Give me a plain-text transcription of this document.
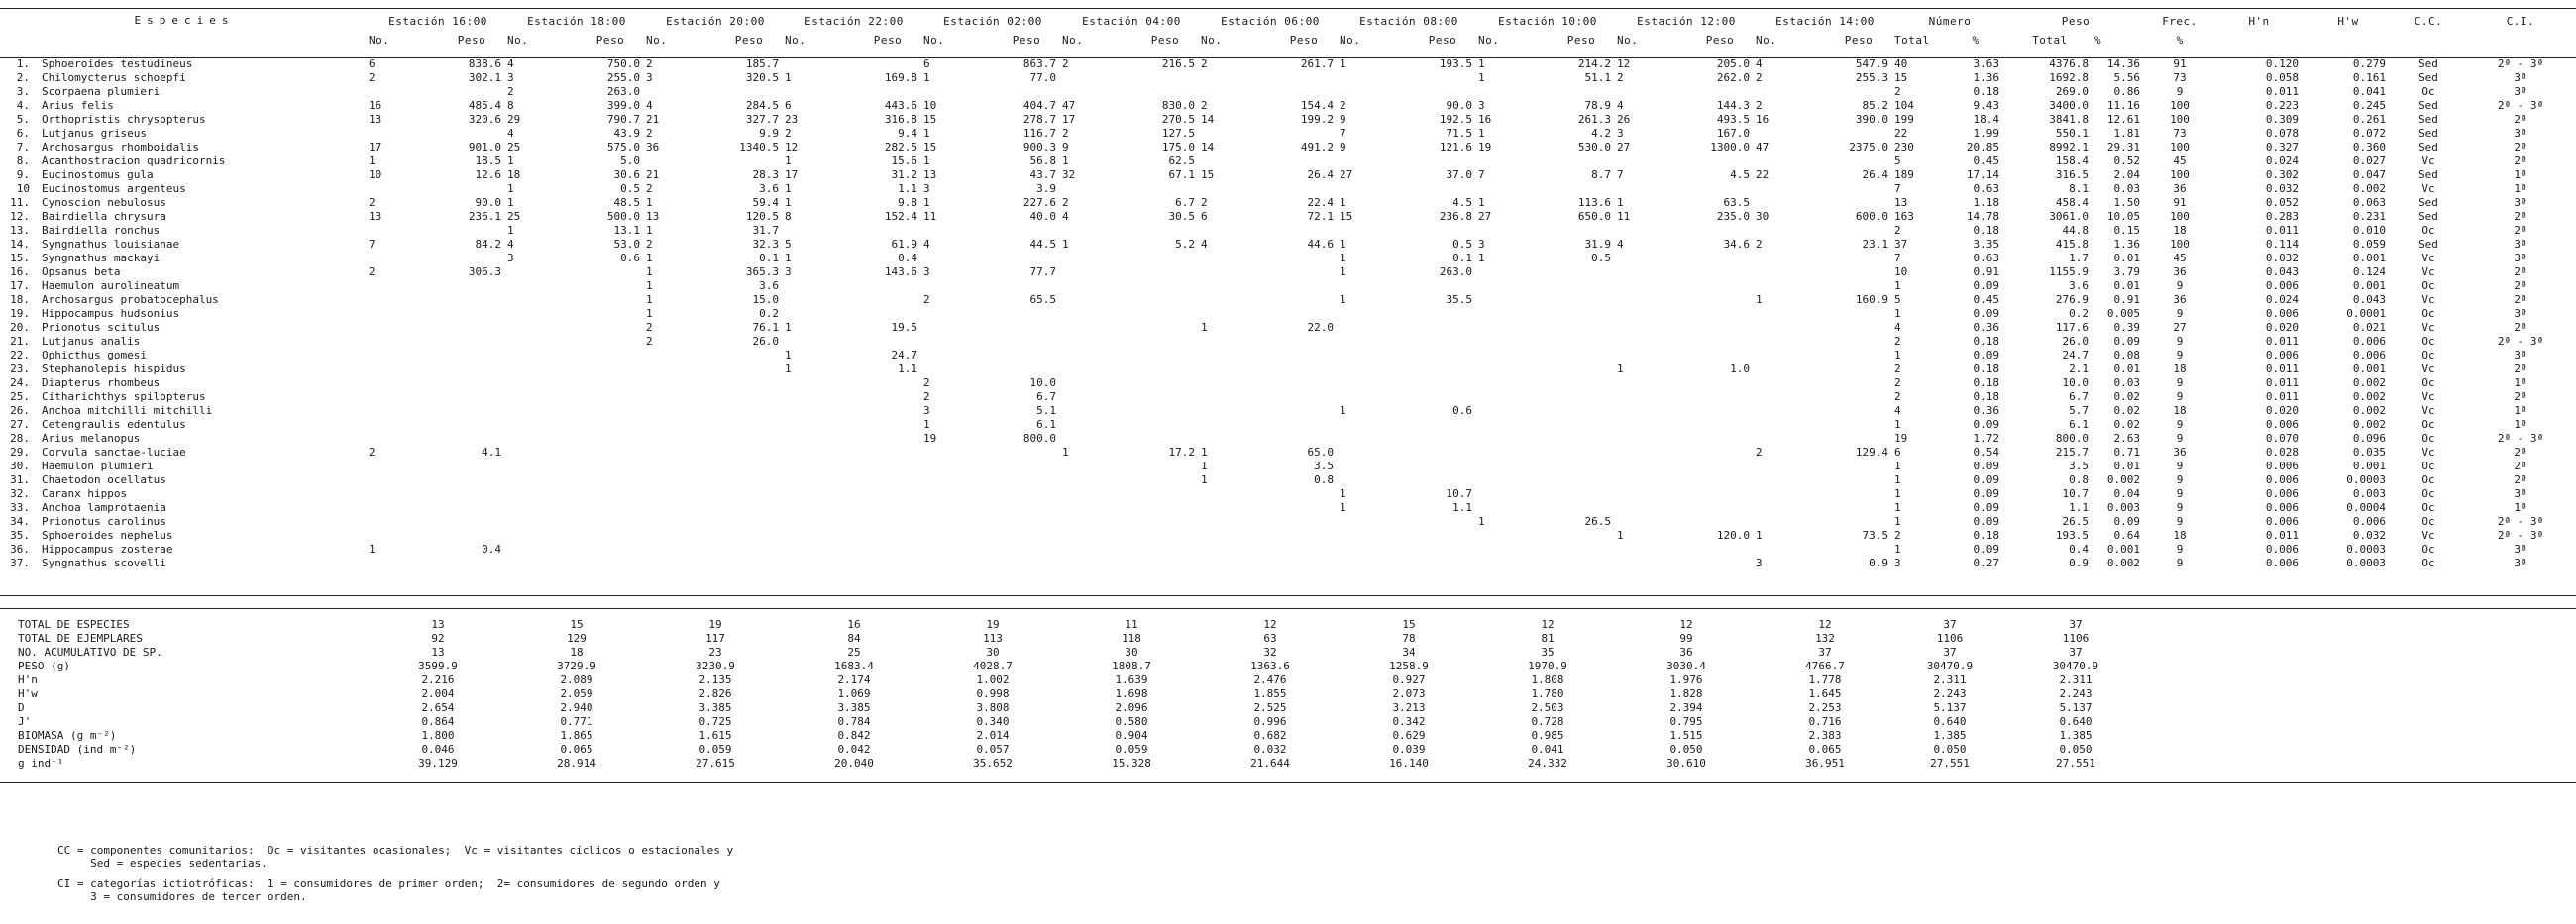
Especies	Estación 16:00		Estación 18:00		Estación 20:00		Estación 22:00		Estación 02:00		Estación 04:00		Estación 06:00		Estación 08:00		Estación 10:00		Estación 12:00		Estación 14:00		Número		Peso		Frec.	H'n	H'w	C.C.	C.I.
	No.	Peso	No.	Peso	No.	Peso	No.	Peso	No.	Peso	No.	Peso	No.	Peso	No.	Peso	No.	Peso	No.	Peso	No.	Peso	Total	%	Total	%	%				

1. Sphoeroides testudineus	6	838.6	4	750.0	2	185.7			6	863.7	2	216.5	2	261.7	1	193.5	1	214.2	12	205.0	4	547.9	40	3.63	4376.8	14.36	91	0.120	0.279	Sed	2ª - 3ª
2. Chilomycterus schoepfi	2	302.1	3	255.0	3	320.5	1	169.8	1	77.0							1	51.1	2	262.0	2	255.3	15	1.36	1692.8	5.56	73	0.058	0.161	Sed	3ª
3. Scorpaena plumieri			2	263.0																			2	0.18	269.0	0.86	9	0.011	0.041	Oc	3ª
4. Arius felis	16	485.4	8	399.0	4	284.5	6	443.6	10	404.7	47	830.0	2	154.4	2	90.0	3	78.9	4	144.3	2	85.2	104	9.43	3400.0	11.16	100	0.223	0.245	Sed	2ª - 3ª
5. Orthopristis chrysopterus	13	320.6	29	790.7	21	327.7	23	316.8	15	278.7	17	270.5	14	199.2	9	192.5	16	261.3	26	493.5	16	390.0	199	18.4	3841.8	12.61	100	0.309	0.261	Sed	2ª
6. Lutjanus griseus			4	43.9	2	9.9	2	9.4	1	116.7	2	127.5			7	71.5	1	4.2	3	167.0			22	1.99	550.1	1.81	73	0.078	0.072	Sed	3ª
7. Archosargus rhomboidalis	17	901.0	25	575.0	36	1340.5	12	282.5	15	900.3	9	175.0	14	491.2	9	121.6	19	530.0	27	1300.0	47	2375.0	230	20.85	8992.1	29.31	100	0.327	0.360	Sed	2ª
8. Acanthostracion quadricornis	1	18.5	1	5.0			1	15.6	1	56.8	1	62.5											5	0.45	158.4	0.52	45	0.024	0.027	Vc	2ª
9. Eucinostomus gula	10	12.6	18	30.6	21	28.3	17	31.2	13	43.7	32	67.1	15	26.4	27	37.0	7	8.7	7	4.5	22	26.4	189	17.14	316.5	2.04	100	0.302	0.047	Sed	1ª
10 Eucinostomus argenteus			1	0.5	2	3.6	1	1.1	3	3.9													7	0.63	8.1	0.03	36	0.032	0.002	Vc	1ª
11. Cynoscion nebulosus	2	90.0	1	48.5	1	59.4	1	9.8	1	227.6	2	6.7	2	22.4	1	4.5	1	113.6	1	63.5			13	1.18	458.4	1.50	91	0.052	0.063	Sed	3ª
12. Bairdiella chrysura	13	236.1	25	500.0	13	120.5	8	152.4	11	40.0	4	30.5	6	72.1	15	236.8	27	650.0	11	235.0	30	600.0	163	14.78	3061.0	10.05	100	0.283	0.231	Sed	2ª
13. Bairdiella ronchus			1	13.1	1	31.7																	2	0.18	44.8	0.15	18	0.011	0.010	Oc	2ª
14. Syngnathus louisianae	7	84.2	4	53.0	2	32.3	5	61.9	4	44.5	1	5.2	4	44.6	1	0.5	3	31.9	4	34.6	2	23.1	37	3.35	415.8	1.36	100	0.114	0.059	Sed	3ª
15. Syngnathus mackayi			3	0.6	1	0.1	1	0.4							1	0.1	1	0.5					7	0.63	1.7	0.01	45	0.032	0.001	Vc	3ª
16. Opsanus beta	2	306.3			1	365.3	3	143.6	3	77.7					1	263.0							10	0.91	1155.9	3.79	36	0.043	0.124	Vc	2ª
17. Haemulon aurolineatum					1	3.6																	1	0.09	3.6	0.01	9	0.006	0.001	Oc	2ª
18. Archosargus probatocephalus					1	15.0			2	65.5					1	35.5					1	160.9	5	0.45	276.9	0.91	36	0.024	0.043	Vc	2ª
19. Hippocampus hudsonius					1	0.2																	1	0.09	0.2	0.005	9	0.006	0.0001	Oc	3ª
20. Prionotus scitulus					2	76.1	1	19.5					1	22.0									4	0.36	117.6	0.39	27	0.020	0.021	Vc	2ª
21. Lutjanus analis					2	26.0																	2	0.18	26.0	0.09	9	0.011	0.006	Oc	2ª - 3ª
22. Ophicthus gomesi							1	24.7															1	0.09	24.7	0.08	9	0.006	0.006	Oc	3ª
23. Stephanolepis hispidus							1	1.1											1	1.0			2	0.18	2.1	0.01	18	0.011	0.001	Vc	2ª
24. Diapterus rhombeus									2	10.0													2	0.18	10.0	0.03	9	0.011	0.002	Oc	1ª
25. Citharichthys spilopterus									2	6.7													2	0.18	6.7	0.02	9	0.011	0.002	Vc	2ª
26. Anchoa mitchilli mitchilli									3	5.1					1	0.6							4	0.36	5.7	0.02	18	0.020	0.002	Vc	1ª
27. Cetengraulis edentulus									1	6.1													1	0.09	6.1	0.02	9	0.006	0.002	Oc	1ª
28. Arius melanopus									19	800.0													19	1.72	800.0	2.63	9	0.070	0.096	Oc	2ª - 3ª
29. Corvula sanctae-luciae	2	4.1									1	17.2	1	65.0							2	129.4	6	0.54	215.7	0.71	36	0.028	0.035	Vc	2ª
30. Haemulon plumieri													1	3.5									1	0.09	3.5	0.01	9	0.006	0.001	Oc	2ª
31. Chaetodon ocellatus													1	0.8									1	0.09	0.8	0.002	9	0.006	0.0003	Oc	2ª
32. Caranx hippos															1	10.7							1	0.09	10.7	0.04	9	0.006	0.003	Oc	3ª
33. Anchoa lamprotaenia															1	1.1							1	0.09	1.1	0.003	9	0.006	0.0004	Oc	1ª
34. Prionotus carolinus																	1	26.5					1	0.09	26.5	0.09	9	0.006	0.006	Oc	2ª - 3ª
35. Sphoeroides nephelus																			1	120.0	1	73.5	2	0.18	193.5	0.64	18	0.011	0.032	Vc	2ª - 3ª
36. Hippocampus zosterae	1	0.4																					1	0.09	0.4	0.001	9	0.006	0.0003	Oc	3ª
37. Syngnathus scovelli																					3	0.9	3	0.27	0.9	0.002	9	0.006	0.0003	Oc	3ª

TOTAL DE ESPECIES	13		15		19		16		19		11		12		15		12		12		12		37		37						
TOTAL DE EJEMPLARES	92		129		117		84		113		118		63		78		81		99		132		1106		1106						
NO. ACUMULATIVO DE SP.	13		18		23		25		30		30		32		34		35		36		37		37		37						
PESO (g)	3599.9		3729.9		3230.9		1683.4		4028.7		1808.7		1363.6		1258.9		1970.9		3030.4		4766.7		30470.9		30470.9						
H'n	2.216		2.089		2.135		2.174		1.002		1.639		2.476		0.927		1.808		1.976		1.778		2.311		2.311						
H'w	2.004		2.059		2.826		1.069		0.998		1.698		1.855		2.073		1.780		1.828		1.645		2.243		2.243						
D	2.654		2.940		3.385		3.385		3.808		2.096		2.525		3.213		2.503		2.394		2.253		5.137		5.137						
J'	0.864		0.771		0.725		0.784		0.340		0.580		0.996		0.342		0.728		0.795		0.716		0.640		0.640						
BIOMASA (g m⁻²)	1.800		1.865		1.615		0.842		2.014		0.904		0.682		0.629		0.985		1.515		2.383		1.385		1.385						
DENSIDAD (ind m⁻²)	0.046		0.065		0.059		0.042		0.057		0.059		0.032		0.039		0.041		0.050		0.065		0.050		0.050						
g ind⁻¹	39.129		28.914		27.615		20.040		35.652		15.328		21.644		16.140		24.332		30.610		36.951		27.551		27.551						
CC = componentes comunitarios:  Oc = visitantes ocasionales;  Vc = visitantes cíclicos o estacionales y
Sed = especies sedentarias.
CI = categorías ictiotróficas:  1 = consumidores de primer orden;  2= consumidores de segundo orden y
3 = consumidores de tercer orden.
